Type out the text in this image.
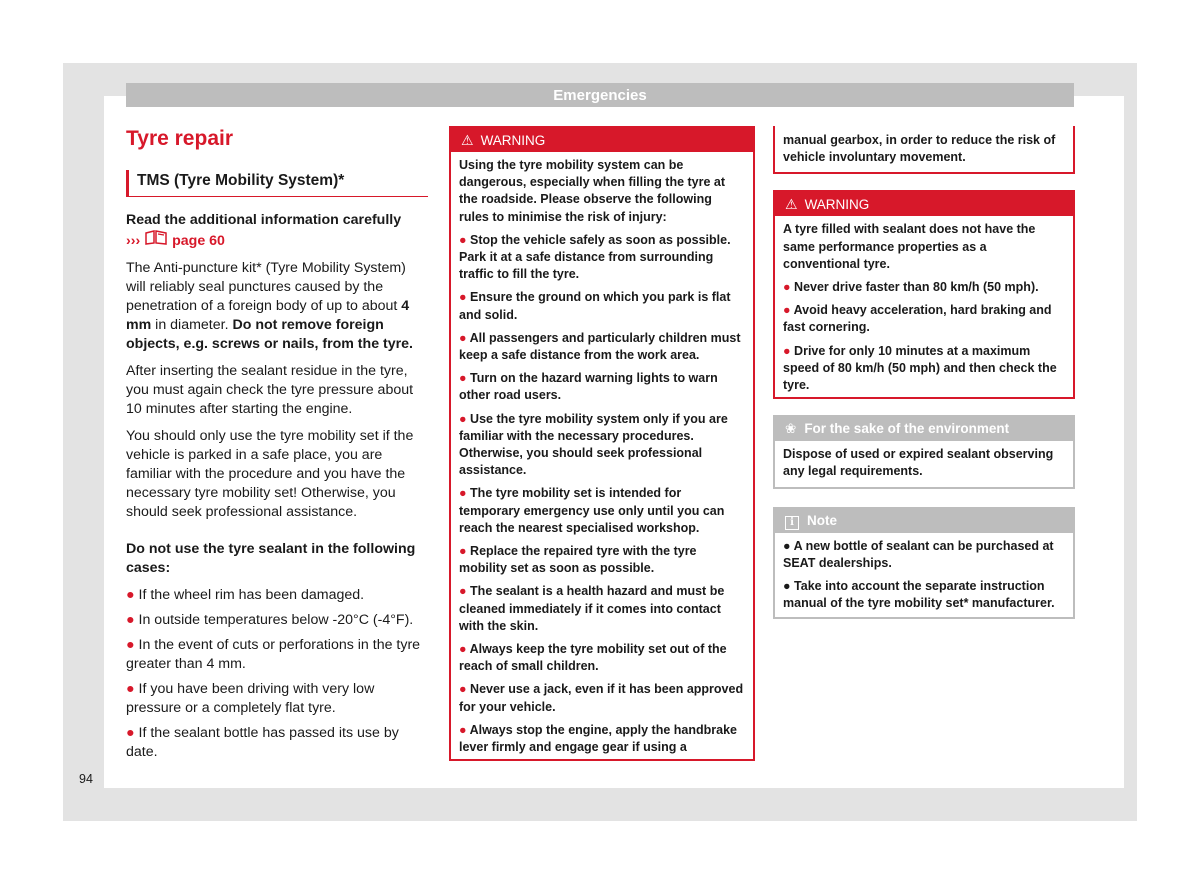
Emergencies
Tyre repair
TMS (Tyre Mobility System)*
Read the additional information carefully
››› page 60
The Anti-puncture kit* (Tyre Mobility System) will reliably seal punctures caused by the penetration of a foreign body of up to about 4 mm in diameter. Do not remove foreign objects, e.g. screws or nails, from the tyre.
After inserting the sealant residue in the tyre, you must again check the tyre pressure about 10 minutes after starting the engine.
You should only use the tyre mobility set if the vehicle is parked in a safe place, you are familiar with the procedure and you have the necessary tyre mobility set! Otherwise, you should seek professional assistance.
Do not use the tyre sealant in the following cases:
● If the wheel rim has been damaged.
● In outside temperatures below -20°C (-4°F).
● In the event of cuts or perforations in the tyre greater than 4 mm.
● If you have been driving with very low pressure or a completely flat tyre.
● If the sealant bottle has passed its use by date.
⚠ WARNING
Using the tyre mobility system can be dangerous, especially when filling the tyre at the roadside. Please observe the following rules to minimise the risk of injury:
● Stop the vehicle safely as soon as possible. Park it at a safe distance from surrounding traffic to fill the tyre.
● Ensure the ground on which you park is flat and solid.
● All passengers and particularly children must keep a safe distance from the work area.
● Turn on the hazard warning lights to warn other road users.
● Use the tyre mobility system only if you are familiar with the necessary procedures. Otherwise, you should seek professional assistance.
● The tyre mobility set is intended for temporary emergency use only until you can reach the nearest specialised workshop.
● Replace the repaired tyre with the tyre mobility set as soon as possible.
● The sealant is a health hazard and must be cleaned immediately if it comes into contact with the skin.
● Always keep the tyre mobility set out of the reach of small children.
● Never use a jack, even if it has been approved for your vehicle.
● Always stop the engine, apply the handbrake lever firmly and engage gear if using a
manual gearbox, in order to reduce the risk of vehicle involuntary movement.
⚠ WARNING
A tyre filled with sealant does not have the same performance properties as a conventional tyre.
● Never drive faster than 80 km/h (50 mph).
● Avoid heavy acceleration, hard braking and fast cornering.
● Drive for only 10 minutes at a maximum speed of 80 km/h (50 mph) and then check the tyre.
❀ For the sake of the environment
Dispose of used or expired sealant observing any legal requirements.
i Note
● A new bottle of sealant can be purchased at SEAT dealerships.
● Take into account the separate instruction manual of the tyre mobility set* manufacturer.
94
